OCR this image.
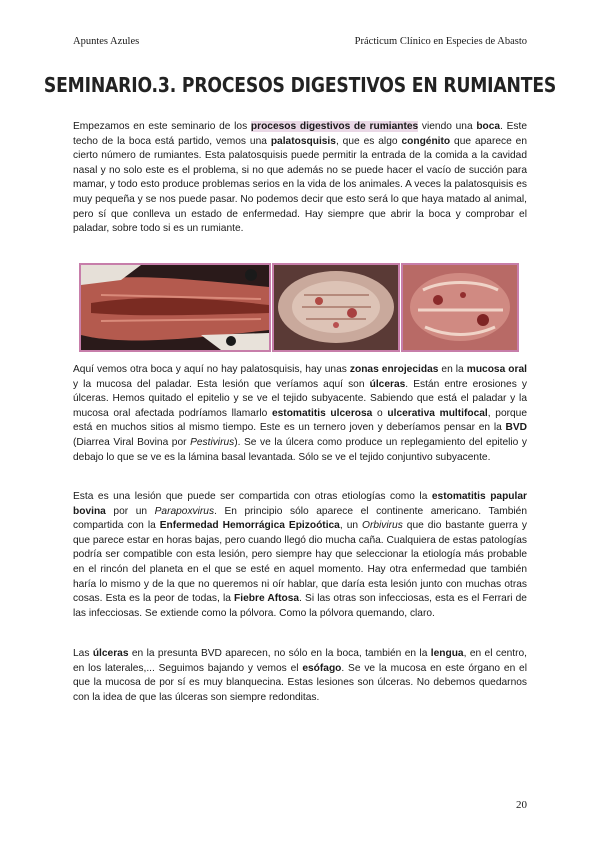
Apuntes Azules	Prácticum Clínico en Especies de Abasto
SEMINARIO.3. PROCESOS DIGESTIVOS EN RUMIANTES

Empezamos en este seminario de los procesos digestivos de rumiantes viendo una boca. Este techo de la boca está partido, vemos una palatosquisis, que es algo congénito que aparece en cierto número de rumiantes. Esta palatosquisis puede permitir la entrada de la comida a la cavidad nasal y no solo este es el problema, si no que además no se puede hacer el vacío de succión para mamar, y todo esto produce problemas serios en la vida de los animales. A veces la palatosquisis es muy pequeña y se nos puede pasar. No podemos decir que esto será lo que haya matado al animal, pero sí que conlleva un estado de enfermedad. Hay siempre que abrir la boca y comprobar el paladar, sobre todo si es un rumiante.

Aquí vemos otra boca y aquí no hay palatosquisis, hay unas zonas enrojecidas en la mucosa oral y la mucosa del paladar. Esta lesión que veríamos aquí son úlceras. Están entre erosiones y úlceras. Hemos quitado el epitelio y se ve el tejido subyacente. Sabiendo que está el paladar y la mucosa oral afectada podríamos llamarlo estomatitis ulcerosa o ulcerativa multifocal, porque está en muchos sitios al mismo tiempo. Este es un ternero joven y deberíamos pensar en la BVD (Diarrea Viral Bovina por Pestivirus). Se ve la úlcera como produce un replegamiento del epitelio y debajo lo que se ve es la lámina basal levantada. Sólo se ve el tejido conjuntivo subyacente.

Esta es una lesión que puede ser compartida con otras etiologías como la estomatitis papular bovina por un Parapoxvirus. En principio sólo aparece el continente americano. También compartida con la Enfermedad Hemorrágica Epizoótica, un Orbivirus que dio bastante guerra y que parece estar en horas bajas, pero cuando llegó dio mucha caña. Cualquiera de estas patologías podría ser compatible con esta lesión, pero siempre hay que seleccionar la etiología más probable en el rincón del planeta en el que se esté en aquel momento. Hay otra enfermedad que también haría lo mismo y de la que no queremos ni oír hablar, que daría esta lesión junto con muchas otras cosas. Esta es la peor de todas, la Fiebre Aftosa. Si las otras son infecciosas, esta es el Ferrari de las infecciosas. Se extiende como la pólvora. Como la pólvora quemando, claro.

Las úlceras en la presunta BVD aparecen, no sólo en la boca, también en la lengua, en el centro, en los laterales,... Seguimos bajando y vemos el esófago. Se ve la mucosa en este órgano en el que la mucosa de por sí es muy blanquecina. Estas lesiones son úlceras. No debemos quedarnos con la idea de que las úlceras son siempre redonditas.

20
